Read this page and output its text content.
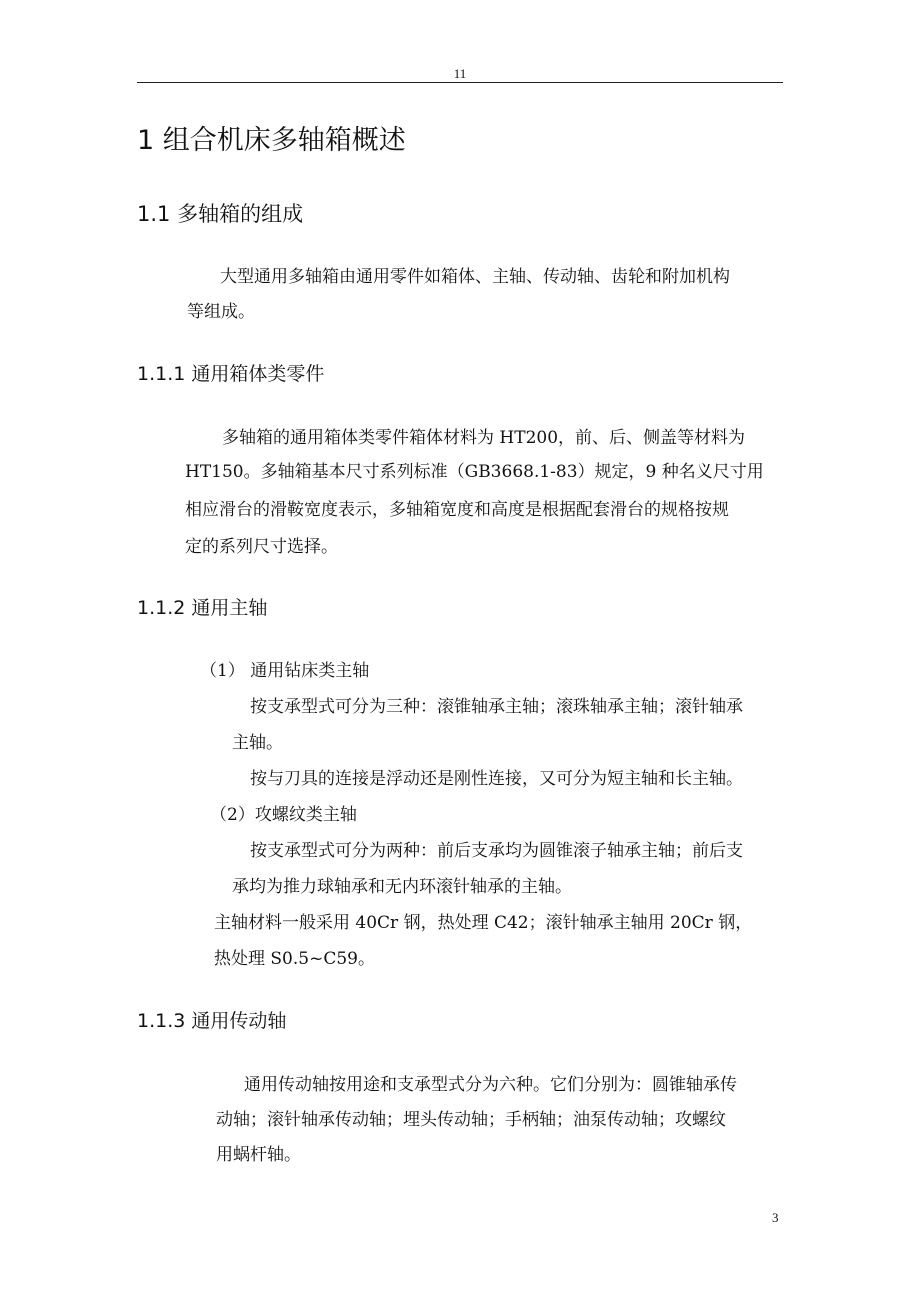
11
1 组合机床多轴箱概述
1.1 多轴箱的组成
大型通用多轴箱由通用零件如箱体、主轴、传动轴、齿轮和附加机构
等组成。
1.1.1 通用箱体类零件
多轴箱的通用箱体类零件箱体材料为 HT200，前、后、侧盖等材料为
HT150。多轴箱基本尺寸系列标准（GB3668.1-83）规定，9 种名义尺寸用
相应滑台的滑鞍宽度表示，多轴箱宽度和高度是根据配套滑台的规格按规
定的系列尺寸选择。
1.1.2 通用主轴
（1） 通用钻床类主轴
按支承型式可分为三种：滚锥轴承主轴；滚珠轴承主轴；滚针轴承
主轴。
按与刀具的连接是浮动还是刚性连接，又可分为短主轴和长主轴。
（2）攻螺纹类主轴
按支承型式可分为两种：前后支承均为圆锥滚子轴承主轴；前后支
承均为推力球轴承和无内环滚针轴承的主轴。
主轴材料一般采用 40Cr 钢，热处理 C42；滚针轴承主轴用 20Cr 钢，
热处理 S0.5~C59。
1.1.3 通用传动轴
通用传动轴按用途和支承型式分为六种。它们分别为：圆锥轴承传
动轴；滚针轴承传动轴；埋头传动轴；手柄轴；油泵传动轴；攻螺纹
用蜗杆轴。
3
